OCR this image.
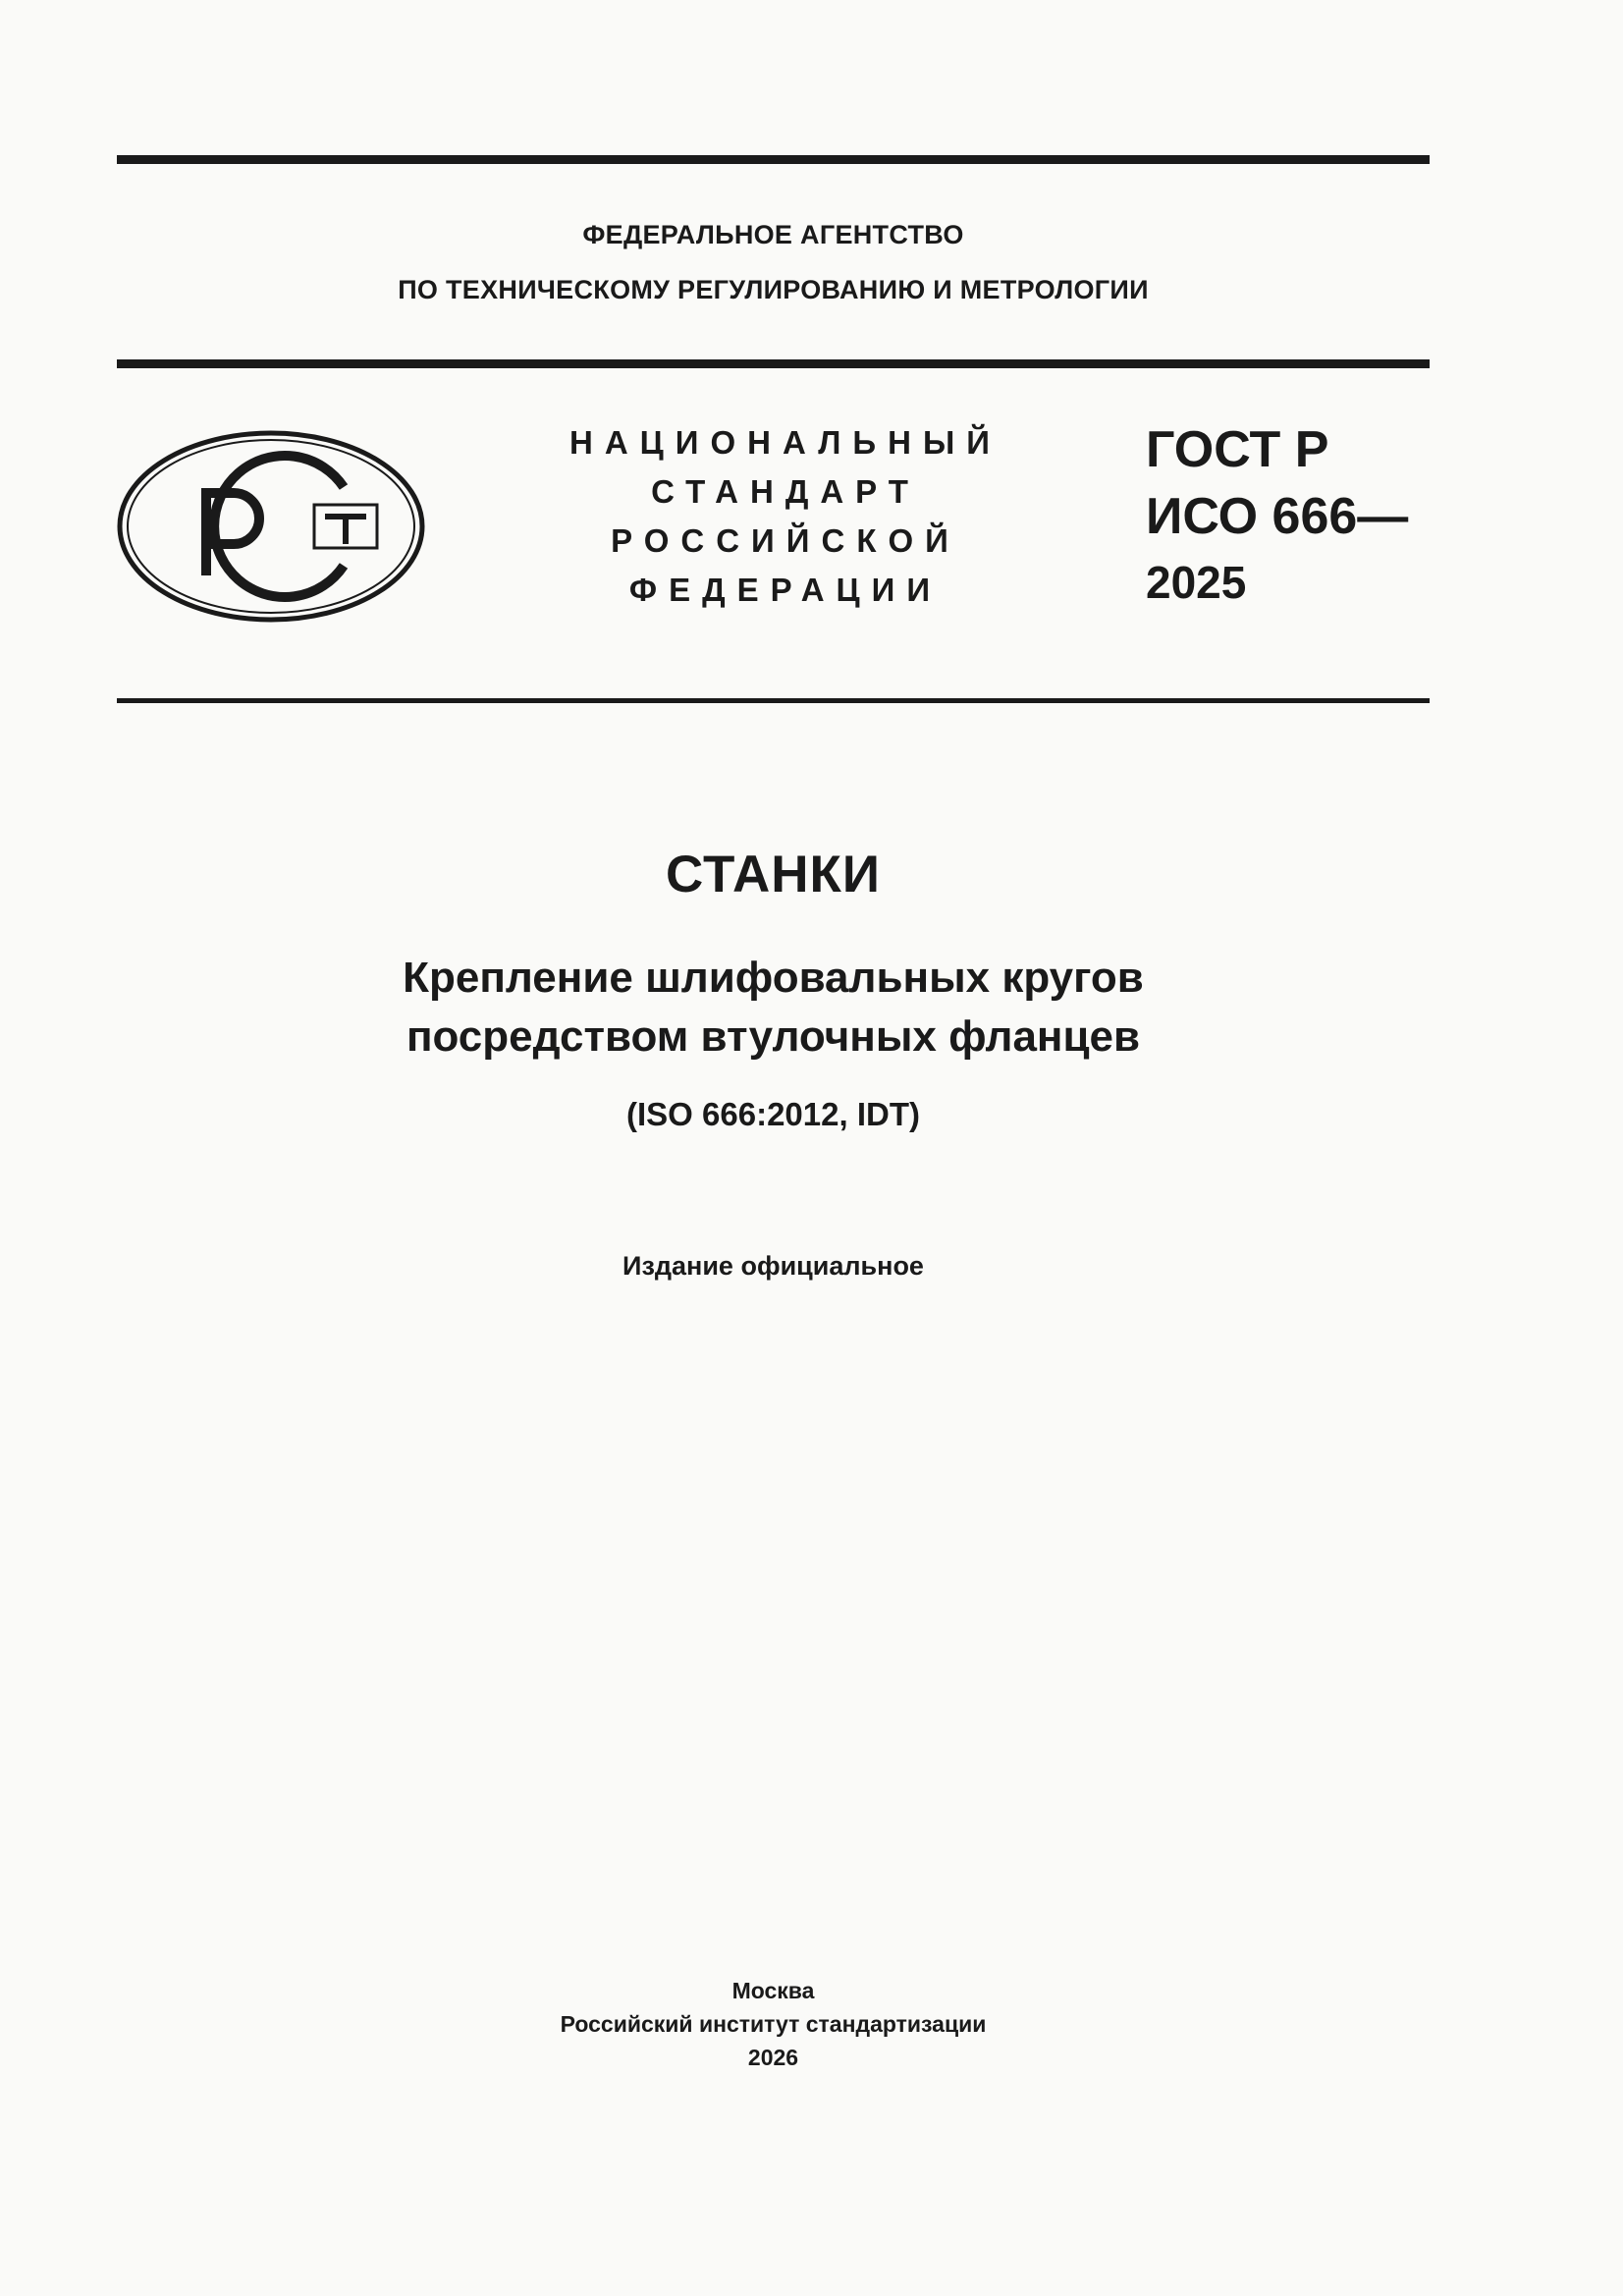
ФЕДЕРАЛЬНОЕ АГЕНТСТВО
ПО ТЕХНИЧЕСКОМУ РЕГУЛИРОВАНИЮ И МЕТРОЛОГИИ
НАЦИОНАЛЬНЫЙ
СТАНДАРТ
РОССИЙСКОЙ
ФЕДЕРАЦИИ
ГОСТ Р
ИСО 666—
2025
СТАНКИ
Крепление шлифовальных кругов
посредством втулочных фланцев
(ISO 666:2012, IDT)
Издание официальное
Москва
Российский институт стандартизации
2026
